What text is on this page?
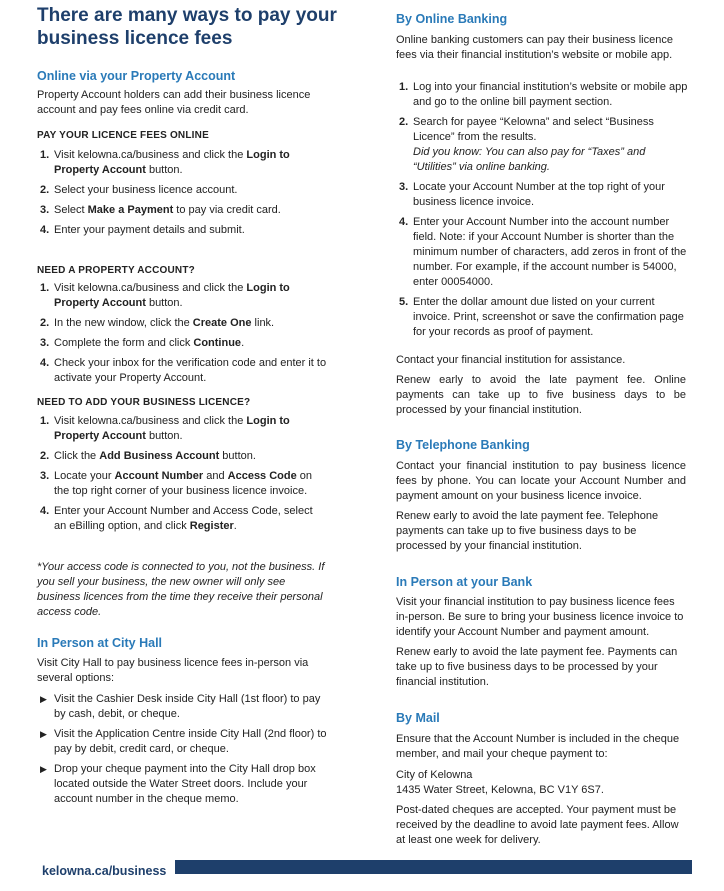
There are many ways to pay your business licence fees
Online via your Property Account

Property Account holders can add their business licence account and pay fees online via credit card.

PAY YOUR LICENCE FEES ONLINE
1. Visit kelowna.ca/business and click the Login to Property Account button.
2. Select your business licence account.
3. Select Make a Payment to pay via credit card.
4. Enter your payment details and submit.
NEED A PROPERTY ACCOUNT?
1. Visit kelowna.ca/business and click the Login to Property Account button.
2. In the new window, click the Create One link.
3. Complete the form and click Continue.
4. Check your inbox for the verification code and enter it to activate your Property Account.
NEED TO ADD YOUR BUSINESS LICENCE?
1. Visit kelowna.ca/business and click the Login to Property Account button.
2. Click the Add Business Account button.
3. Locate your Account Number and Access Code on the top right corner of your business licence invoice.
4. Enter your Account Number and Access Code, select an eBilling option, and click Register.

*Your access code is connected to you, not the business. If you sell your business, the new owner will only see business licences from the time they receive their personal access code.

In Person at City Hall

Visit City Hall to pay business licence fees in-person via several options:

▶ Visit the Cashier Desk inside City Hall (1st floor) to pay by cash, debit, or cheque.
▶ Visit the Application Centre inside City Hall (2nd floor) to pay by debit, credit card, or cheque.
▶ Drop your cheque payment into the City Hall drop box located outside the Water Street doors. Include your account number in the cheque memo.
By Online Banking

Online banking customers can pay their business licence fees via their financial institution’s website or mobile app.

1. Log into your financial institution’s website or mobile app and go to the online bill payment section.
2. Search for payee “Kelowna” and select “Business Licence” from the results.
Did you know: You can also pay for “Taxes” and “Utilities” via online banking.
3. Locate your Account Number at the top right of your business licence invoice.
4. Enter your Account Number into the account number field. Note: if your Account Number is shorter than the minimum number of characters, add zeros in front of the number. For example, if the account number is 54000, enter 00054000.
5. Enter the dollar amount due listed on your current invoice. Print, screenshot or save the confirmation page for your records as proof of payment.

Contact your financial institution for assistance.

Renew early to avoid the late payment fee. Online payments can take up to five business days to be processed by your financial institution.

By Telephone Banking

Contact your financial institution to pay business licence fees by phone. You can locate your Account Number and payment amount on your business licence invoice.

Renew early to avoid the late payment fee. Telephone payments can take up to five business days to be processed by your financial institution.

In Person at your Bank

Visit your financial institution to pay business licence fees in-person. Be sure to bring your business licence invoice to identify your Account Number and payment amount.

Renew early to avoid the late payment fee. Payments can take up to five business days to be processed by your financial institution.

By Mail

Ensure that the Account Number is included in the cheque member, and mail your cheque payment to:

City of Kelowna

1435 Water Street, Kelowna, BC V1Y 6S7.

Post-dated cheques are accepted. Your payment must be received by the deadline to avoid late payment fees. Allow at least one week for delivery.

kelowna.ca/business
